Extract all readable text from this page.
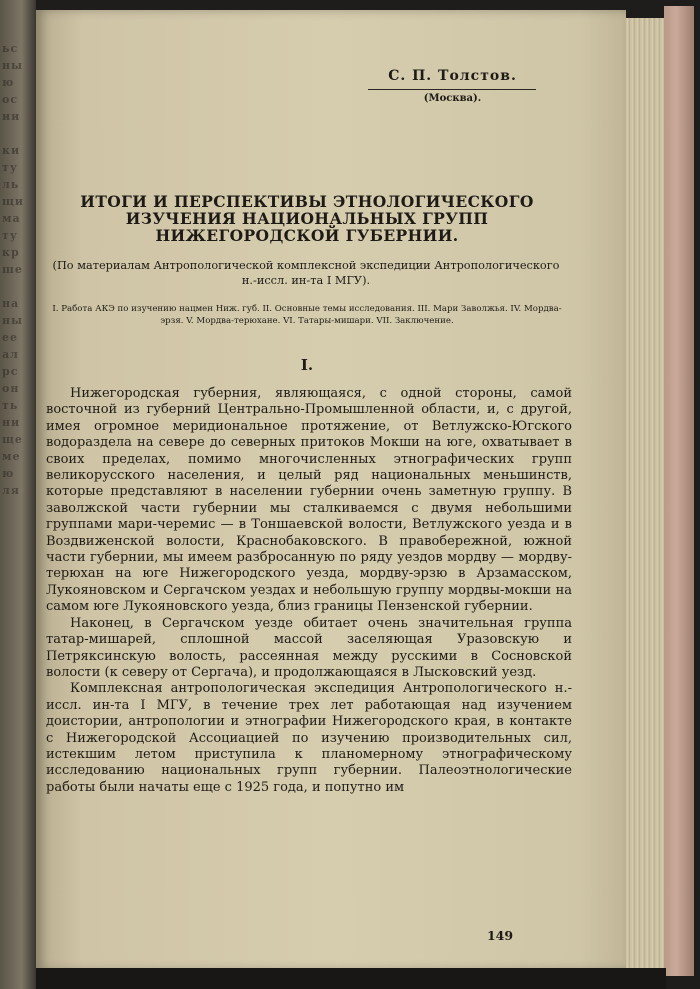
ьс
ны
ю
ос
ии

ки
ту
ль
щи
ма
ту
кр
ше

на
ны
ее
ал
рс
он
ть
ни
ще
ме
ю
ля
С. П. Толстов.
(Москва).
ИТОГИ И ПЕРСПЕКТИВЫ ЭТНОЛОГИЧЕСКОГО ИЗУЧЕНИЯ НАЦИОНАЛЬНЫХ ГРУПП НИЖЕГОРОДСКОЙ ГУБЕРНИИ.
(По материалам Антропологической комплексной экспедиции Антропологического н.-иссл. ин-та I МГУ).
I. Работа АКЭ по изучению нацмен Ниж. губ. II. Основные темы исследования. III. Мари Заволжья. IV. Мордва-эрзя. V. Мордва-терюхане. VI. Татары-мишари. VII. Заключение.
I.

Нижегородская губерния, являющаяся, с одной стороны, самой восточной из губерний Центрально-Промышленной области, и, с другой, имея огромное меридиональное протяжение, от Ветлужско-Югского водораздела на севере до северных притоков Мокши на юге, охватывает в своих пределах, помимо многочисленных этнографических групп великорусского населения, и целый ряд национальных меньшинств, которые представляют в населении губернии очень заметную группу. В заволжской части губернии мы сталкиваемся с двумя небольшими группами мари-черемис — в Тоншаевской волости, Ветлужского уезда и в Воздвиженской волости, Краснобаковского. В правобережной, южной части губернии, мы имеем разбросанную по ряду уездов мордву — мордву-терюхан на юге Нижегородского уезда, мордву-эрзю в Арзамасском, Лукояновском и Сергачском уездах и небольшую группу мордвы-мокши на самом юге Лукояновского уезда, близ границы Пензенской губернии.

Наконец, в Сергачском уезде обитает очень значительная группа татар-мишарей, сплошной массой заселяющая Уразовскую и Петряксинскую волость, рассеянная между русскими в Сосновской волости (к северу от Сергача), и продолжающаяся в Лысковский уезд.

Комплексная антропологическая экспедиция Антропологического н.-иссл. ин-та I МГУ, в течение трех лет работающая над изучением доистории, антропологии и этнографии Нижегородского края, в контакте с Нижегородской Ассоциацией по изучению производительных сил, истекшим летом приступила к планомерному этнографическому исследованию национальных групп губернии. Палеоэтнологические работы были начаты еще с 1925 года, и попутно им

149
